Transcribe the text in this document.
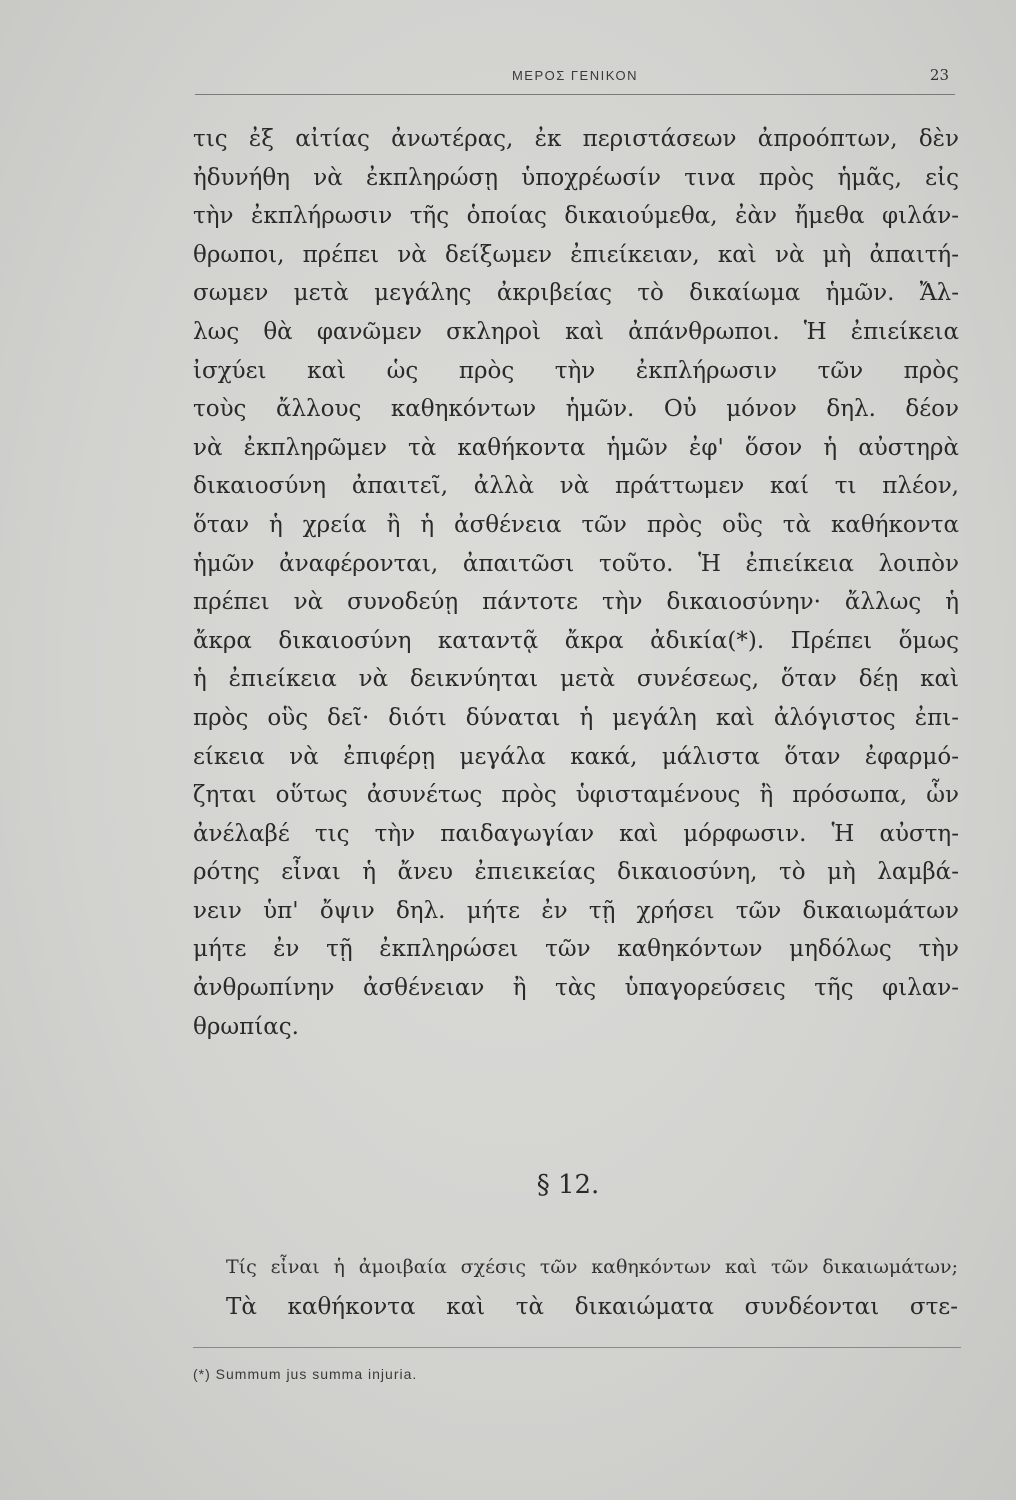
ΜΕΡΟΣ ΓΕΝΙΚΟΝ	23
τις ἐξ αἰτίας ἀνωτέρας, ἐκ περιστάσεων ἀπροόπτων, δὲν
ἠδυνήθη νὰ ἐκπληρώσῃ ὑποχρέωσίν τινα πρὸς ἡμᾶς, εἰς
τὴν ἐκπλήρωσιν τῆς ὁποίας δικαιούμεθα, ἐὰν ἤμεθα φιλάν-
θρωποι, πρέπει νὰ δείξωμεν ἐπιείκειαν, καὶ νὰ μὴ ἀπαιτή-
σωμεν μετὰ μεγάλης ἀκριβείας τὸ δικαίωμα ἡμῶν. Ἄλ-
λως θὰ φανῶμεν σκληροὶ καὶ ἀπάνθρωποι. Ἡ ἐπιείκεια
ἰσχύει καὶ ὡς πρὸς τὴν ἐκπλήρωσιν τῶν πρὸς
τοὺς ἄλλους καθηκόντων ἡμῶν. Οὐ μόνον δηλ. δέον
νὰ ἐκπληρῶμεν τὰ καθήκοντα ἡμῶν ἐφ' ὅσον ἡ αὐστηρὰ
δικαιοσύνη ἀπαιτεῖ, ἀλλὰ νὰ πράττωμεν καί τι πλέον,
ὅταν ἡ χρεία ἢ ἡ ἀσθένεια τῶν πρὸς οὓς τὰ καθήκοντα
ἡμῶν ἀναφέρονται, ἀπαιτῶσι τοῦτο. Ἡ ἐπιείκεια λοιπὸν
πρέπει νὰ συνοδεύῃ πάντοτε τὴν δικαιοσύνην· ἄλλως ἡ
ἄκρα δικαιοσύνη καταντᾷ ἄκρα ἀδικία(*). Πρέπει ὅμως
ἡ ἐπιείκεια νὰ δεικνύηται μετὰ συνέσεως, ὅταν δέῃ καὶ
πρὸς οὓς δεῖ· διότι δύναται ἡ μεγάλη καὶ ἀλόγιστος ἐπι-
είκεια νὰ ἐπιφέρῃ μεγάλα κακά, μάλιστα ὅταν ἐφαρμό-
ζηται οὕτως ἀσυνέτως πρὸς ὑφισταμένους ἢ πρόσωπα, ὧν
ἀνέλαβέ τις τὴν παιδαγωγίαν καὶ μόρφωσιν. Ἡ αὐστη-
ρότης εἶναι ἡ ἄνευ ἐπιεικείας δικαιοσύνη, τὸ μὴ λαμβά-
νειν ὑπ' ὄψιν δηλ. μήτε ἐν τῇ χρήσει τῶν δικαιωμάτων
μήτε ἐν τῇ ἐκπληρώσει τῶν καθηκόντων μηδόλως τὴν
ἀνθρωπίνην ἀσθένειαν ἢ τὰς ὑπαγορεύσεις τῆς φιλαν-
θρωπίας.
§ 12.
Τίς εἶναι ἡ ἀμοιβαία σχέσις τῶν καθηκόντων καὶ τῶν δικαιωμάτων;
Τὰ καθήκοντα καὶ τὰ δικαιώματα συνδέονται στε-
(*) Summum jus summa injuria.
